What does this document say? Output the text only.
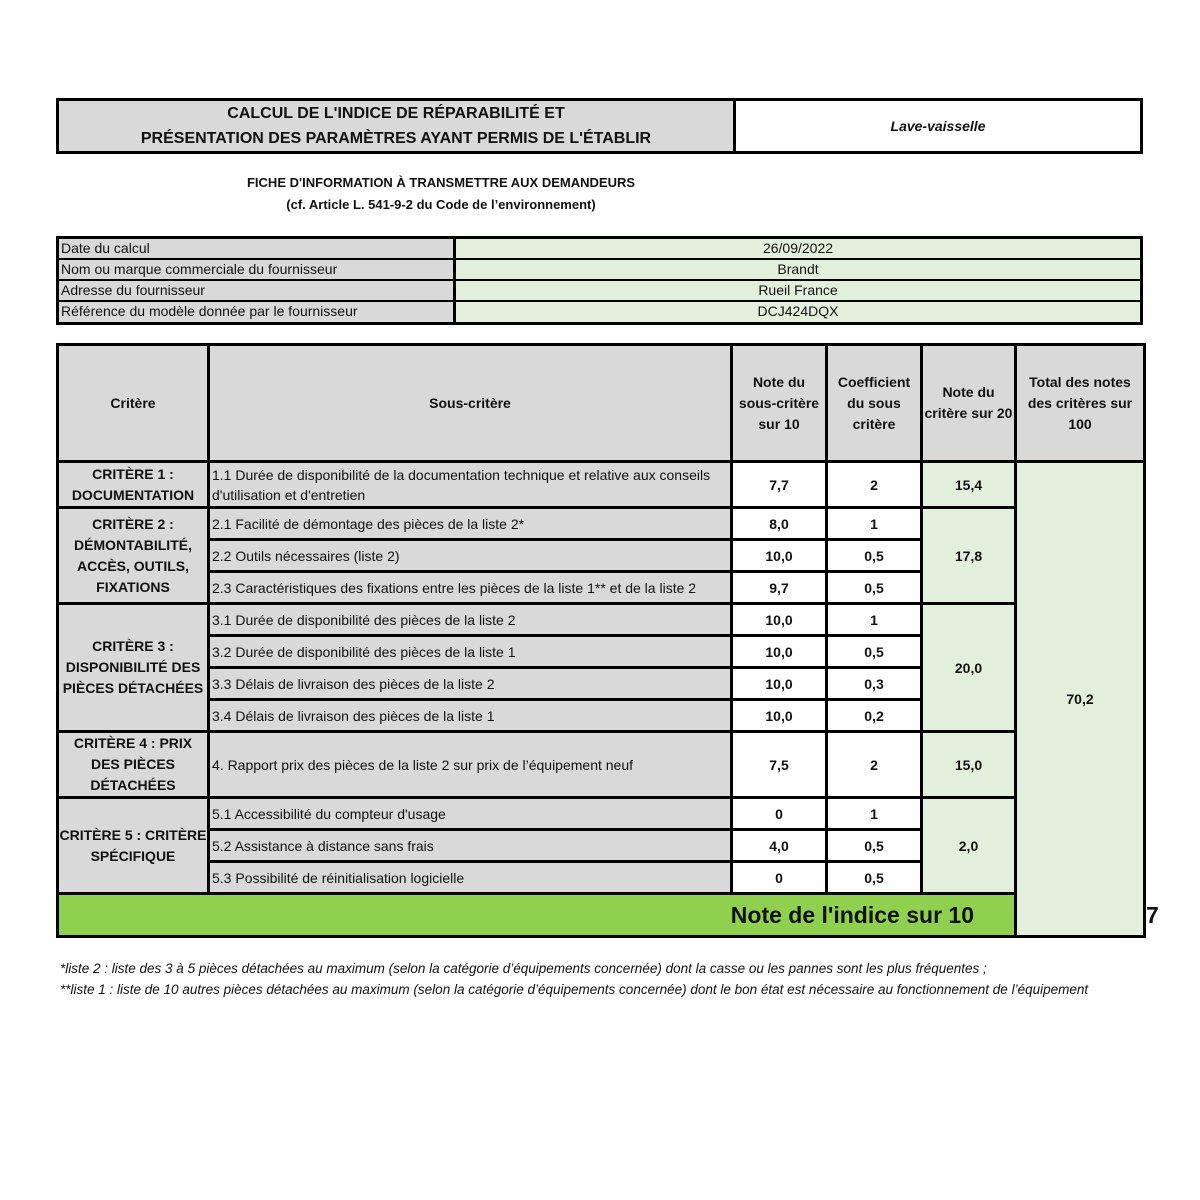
CALCUL DE L'INDICE DE RÉPARABILITÉ ET
PRÉSENTATION DES PARAMÈTRES AYANT PERMIS DE L'ÉTABLIR
Lave-vaisselle
FICHE D'INFORMATION À TRANSMETTRE AUX DEMANDEURS
(cf. Article L. 541-9-2 du Code de l’environnement)
Date du calcul	26/09/2022
Nom ou marque commerciale du fournisseur	Brandt
Adresse du fournisseur	Rueil France
Référence du modèle donnée par le fournisseur	DCJ424DQX
Critère	Sous-critère	Note du sous-critère sur 10	Coefficient du sous critère	Note du critère sur 20	Total des notes des critères sur 100	
CRITÈRE 1 : DOCUMENTATION	1.1 Durée de disponibilité de la documentation technique et relative aux conseils d'utilisation et d'entretien	7,7	2	15,4	70,2	
CRITÈRE 2 : DÉMONTABILITÉ, ACCÈS, OUTILS, FIXATIONS	2.1 Facilité de démontage des pièces de la liste 2*	8,0	1	17,8		
	2.2 Outils nécessaires (liste 2)	10,0	0,5			
	2.3 Caractéristiques des fixations entre les pièces de la liste 1** et de la liste 2	9,7	0,5			
CRITÈRE 3 : DISPONIBILITÉ DES PIÈCES DÉTACHÉES	3.1 Durée de disponibilité des pièces de la liste 2	10,0	1	20,0		
	3.2 Durée de disponibilité des pièces de la liste 1	10,0	0,5			
	3.3 Délais de livraison des pièces de la liste 2	10,0	0,3			
	3.4 Délais de livraison des pièces de la liste 1	10,0	0,2			
CRITÈRE 4 : PRIX DES PIÈCES DÉTACHÉES	4. Rapport prix des pièces de la liste 2 sur prix de l’équipement neuf	7,5	2	15,0		
CRITÈRE 5 : CRITÈRE SPÉCIFIQUE	5.1 Accessibilité du compteur d'usage	0	1	2,0		
	5.2 Assistance à distance sans frais	4,0	0,5			
	5.3 Possibilité de réinitialisation logicielle	0	0,5			
Note de l'indice sur 10						7

*liste 2 : liste des 3 à 5 pièces détachées au maximum (selon la catégorie d’équipements concernée) dont la casse ou les pannes sont les plus fréquentes ;

**liste 1 : liste de 10 autres pièces détachées au maximum (selon la catégorie d’équipements concernée) dont le bon état est nécessaire au fonctionnement de l’équipement
